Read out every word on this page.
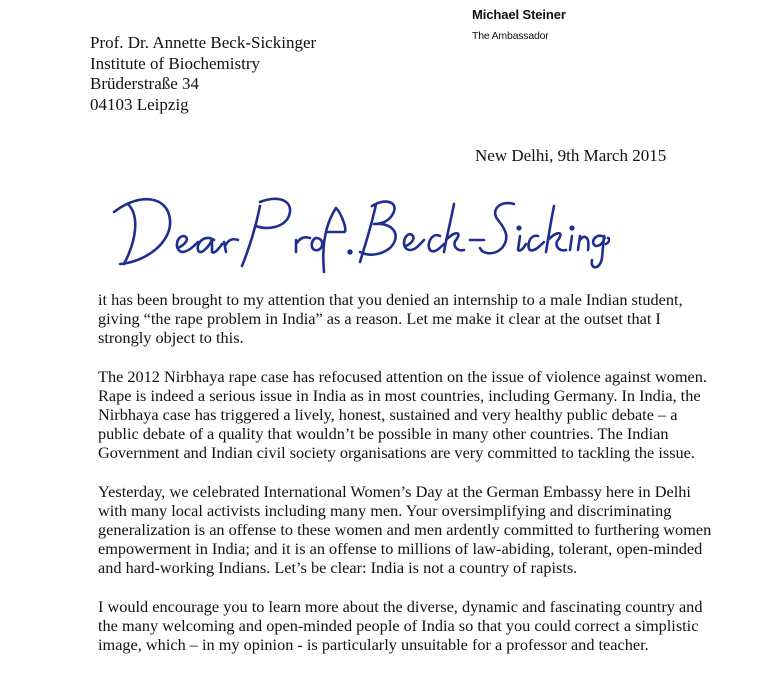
Michael Steiner
The Ambassador
Prof. Dr. Annette Beck-Sickinger
Institute of Biochemistry
Brüderstraße 34
04103 Leipzig
New Delhi, 9th March 2015
it has been brought to my attention that you denied an internship to a male Indian student,
giving “the rape problem in India” as a reason. Let me make it clear at the outset that I
strongly object to this.
The 2012 Nirbhaya rape case has refocused attention on the issue of violence against women.
Rape is indeed a serious issue in India as in most countries, including Germany. In India, the
Nirbhaya case has triggered a lively, honest, sustained and very healthy public debate – a
public debate of a quality that wouldn’t be possible in many other countries. The Indian
Government and Indian civil society organisations are very committed to tackling the issue.
Yesterday, we celebrated International Women’s Day at the German Embassy here in Delhi
with many local activists including many men. Your oversimplifying and discriminating
generalization is an offense to these women and men ardently committed to furthering women
empowerment in India; and it is an offense to millions of law-abiding, tolerant, open-minded
and hard-working Indians. Let’s be clear: India is not a country of rapists.
I would encourage you to learn more about the diverse, dynamic and fascinating country and
the many welcoming and open-minded people of India so that you could correct a simplistic
image, which – in my opinion - is particularly unsuitable for a professor and teacher.
